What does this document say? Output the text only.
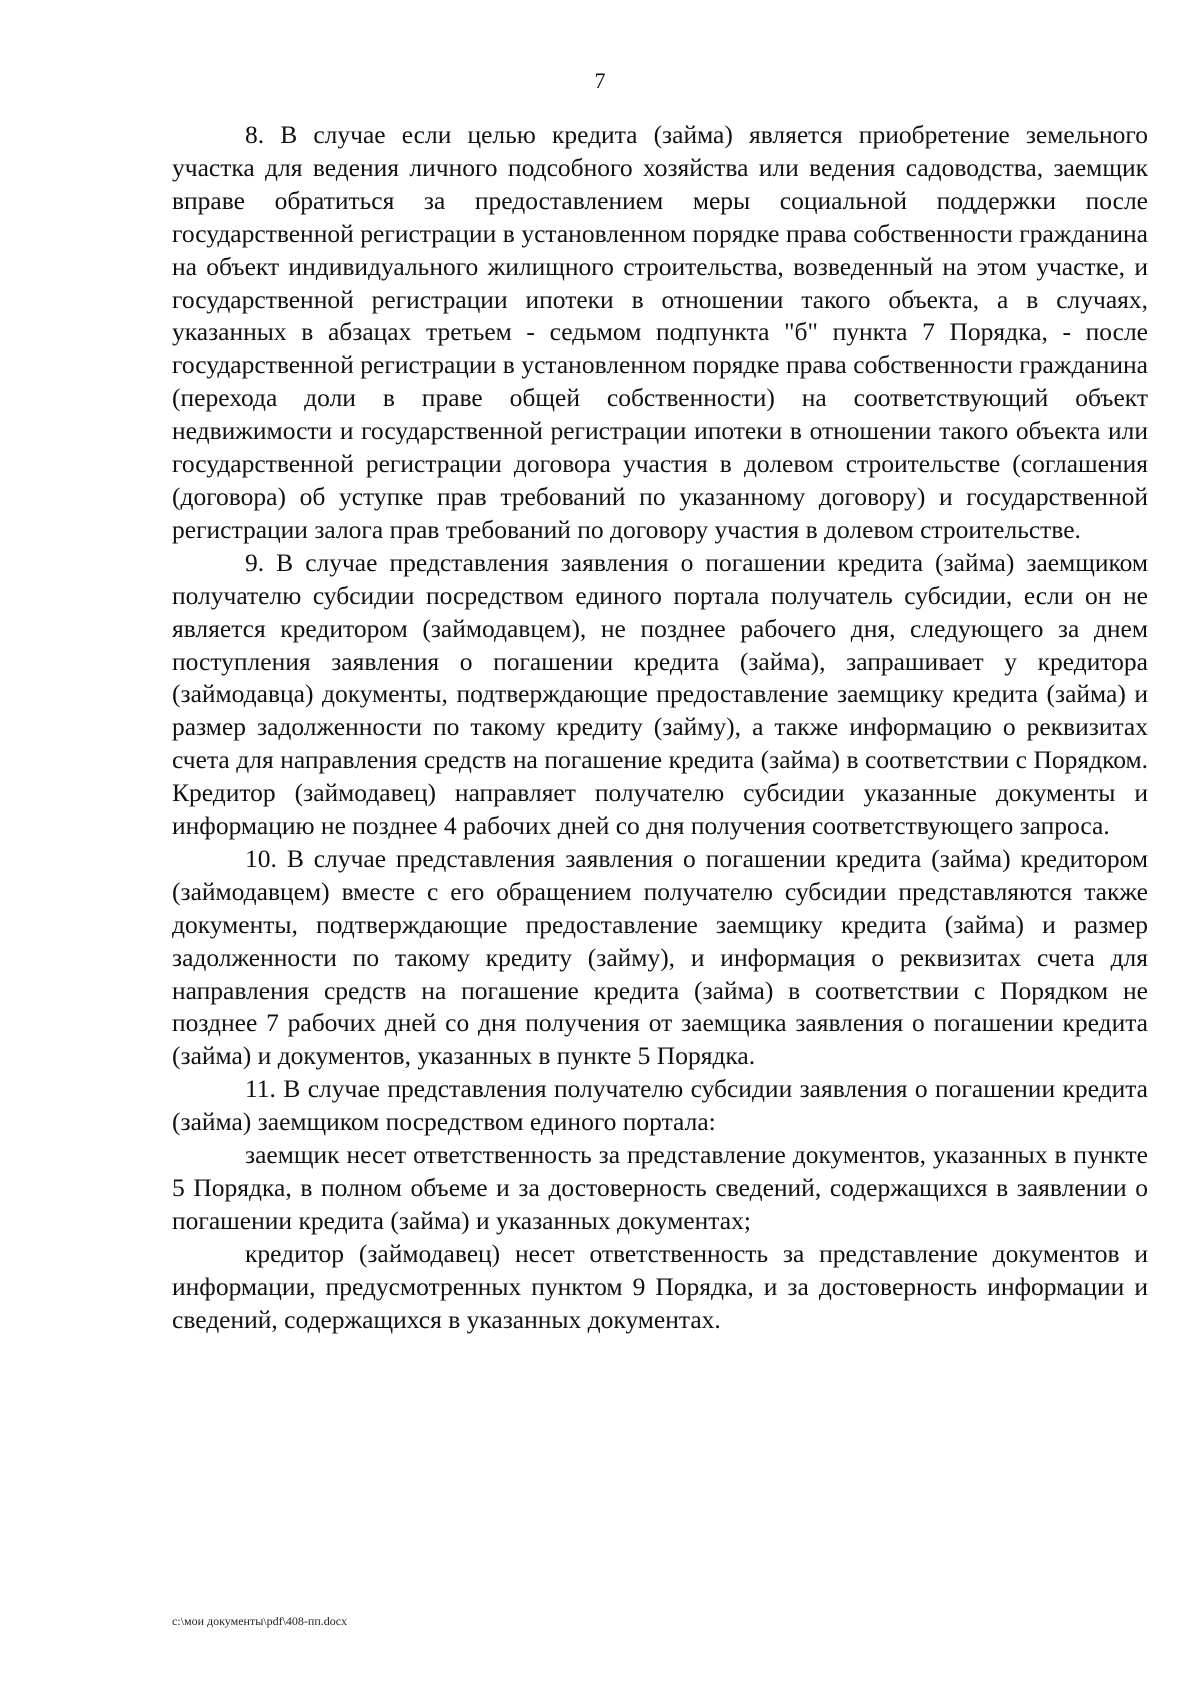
7

8. В случае если целью кредита (займа) является приобретение земельного участка для ведения личного подсобного хозяйства или ведения садоводства, заемщик вправе обратиться за предоставлением меры социальной поддержки после государственной регистрации в установленном порядке права собственности гражданина на объект индивидуального жилищного строительства, возведенный на этом участке, и государственной регистрации ипотеки в отношении такого объекта, а в случаях, указанных в абзацах третьем - седьмом подпункта "б" пункта 7 Порядка, - после государственной регистрации в установленном порядке права собственности гражданина (перехода доли в праве общей собственности) на соответствующий объект недвижимости и государственной регистрации ипотеки в отношении такого объекта или государственной регистрации договора участия в долевом строительстве (соглашения (договора) об уступке прав требований по указанному договору) и государственной регистрации залога прав требований по договору участия в долевом строительстве.

9. В случае представления заявления о погашении кредита (займа) заемщиком получателю субсидии посредством единого портала получатель субсидии, если он не является кредитором (займодавцем), не позднее рабочего дня, следующего за днем поступления заявления о погашении кредита (займа), запрашивает у кредитора (займодавца) документы, подтверждающие предоставление заемщику кредита (займа) и размер задолженности по такому кредиту (займу), а также информацию о реквизитах счета для направления средств на погашение кредита (займа) в соответствии с Порядком. Кредитор (займодавец) направляет получателю субсидии указанные документы и информацию не позднее 4 рабочих дней со дня получения соответствующего запроса.

10. В случае представления заявления о погашении кредита (займа) кредитором (займодавцем) вместе с его обращением получателю субсидии представляются также документы, подтверждающие предоставление заемщику кредита (займа) и размер задолженности по такому кредиту (займу), и информация о реквизитах счета для направления средств на погашение кредита (займа) в соответствии с Порядком не позднее 7 рабочих дней со дня получения от заемщика заявления о погашении кредита (займа) и документов, указанных в пункте 5 Порядка.

11. В случае представления получателю субсидии заявления о погашении кредита (займа) заемщиком посредством единого портала:

заемщик несет ответственность за представление документов, указанных в пункте 5 Порядка, в полном объеме и за достоверность сведений, содержащихся в заявлении о погашении кредита (займа) и указанных документах;

кредитор (займодавец) несет ответственность за представление документов и информации, предусмотренных пунктом 9 Порядка, и за достоверность информации и сведений, содержащихся в указанных документах.

c:\мои документы\pdf\408-пп.docx
